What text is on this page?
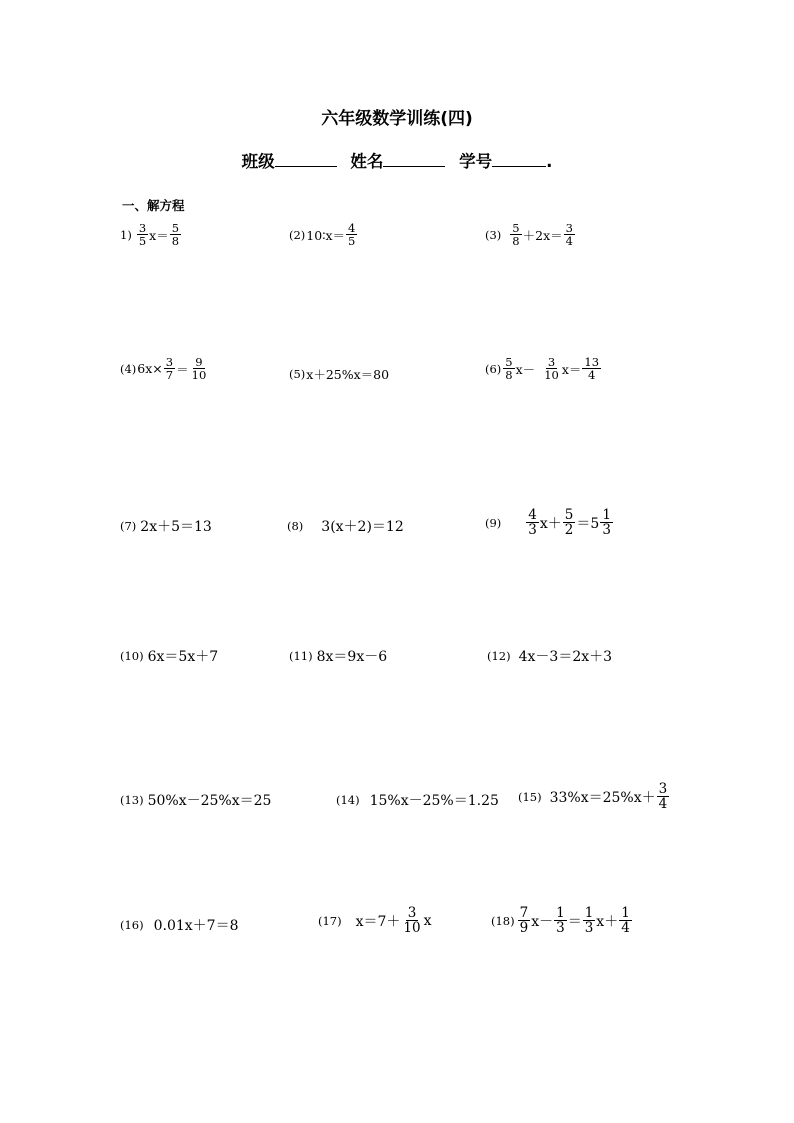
六年级数学训练(四)
班级	姓名	学号	.
一、解方程
$1) \frac{3}{5} x= \frac{5}{8}$	(2) 10∶x＝ $\frac{4}{5}$	$(3) \frac{5}{8} +2x= \frac{3}{4}$
(4) $6x\times \frac{3}{7} = \frac{9}{10}$	(5) x＋25%x＝80	$(6) \frac{5}{8} x- \frac{3}{10} x= \frac{13}{4}$
(7) 2x＋5＝13	(8) 3(x＋2)＝12	$(9) \frac{4}{3} x+ \frac{5}{2} =5 \frac{1}{3}$
(10) 6x＝5x＋7	(11) 8x＝9x－6	(12) 4x－3＝2x＋3
(13) 50%x－25%x＝25	(14) 15%x－25%＝1.25 (15) $33\%x=25\%x+ \frac{3}{4}$
(16) 0.01x＋7＝8	(17) $x=7+ \frac{3}{10}$ x	$(18) \frac{7}{9} x- \frac{1}{3} = \frac{1}{3} x+ \frac{1}{4}$
